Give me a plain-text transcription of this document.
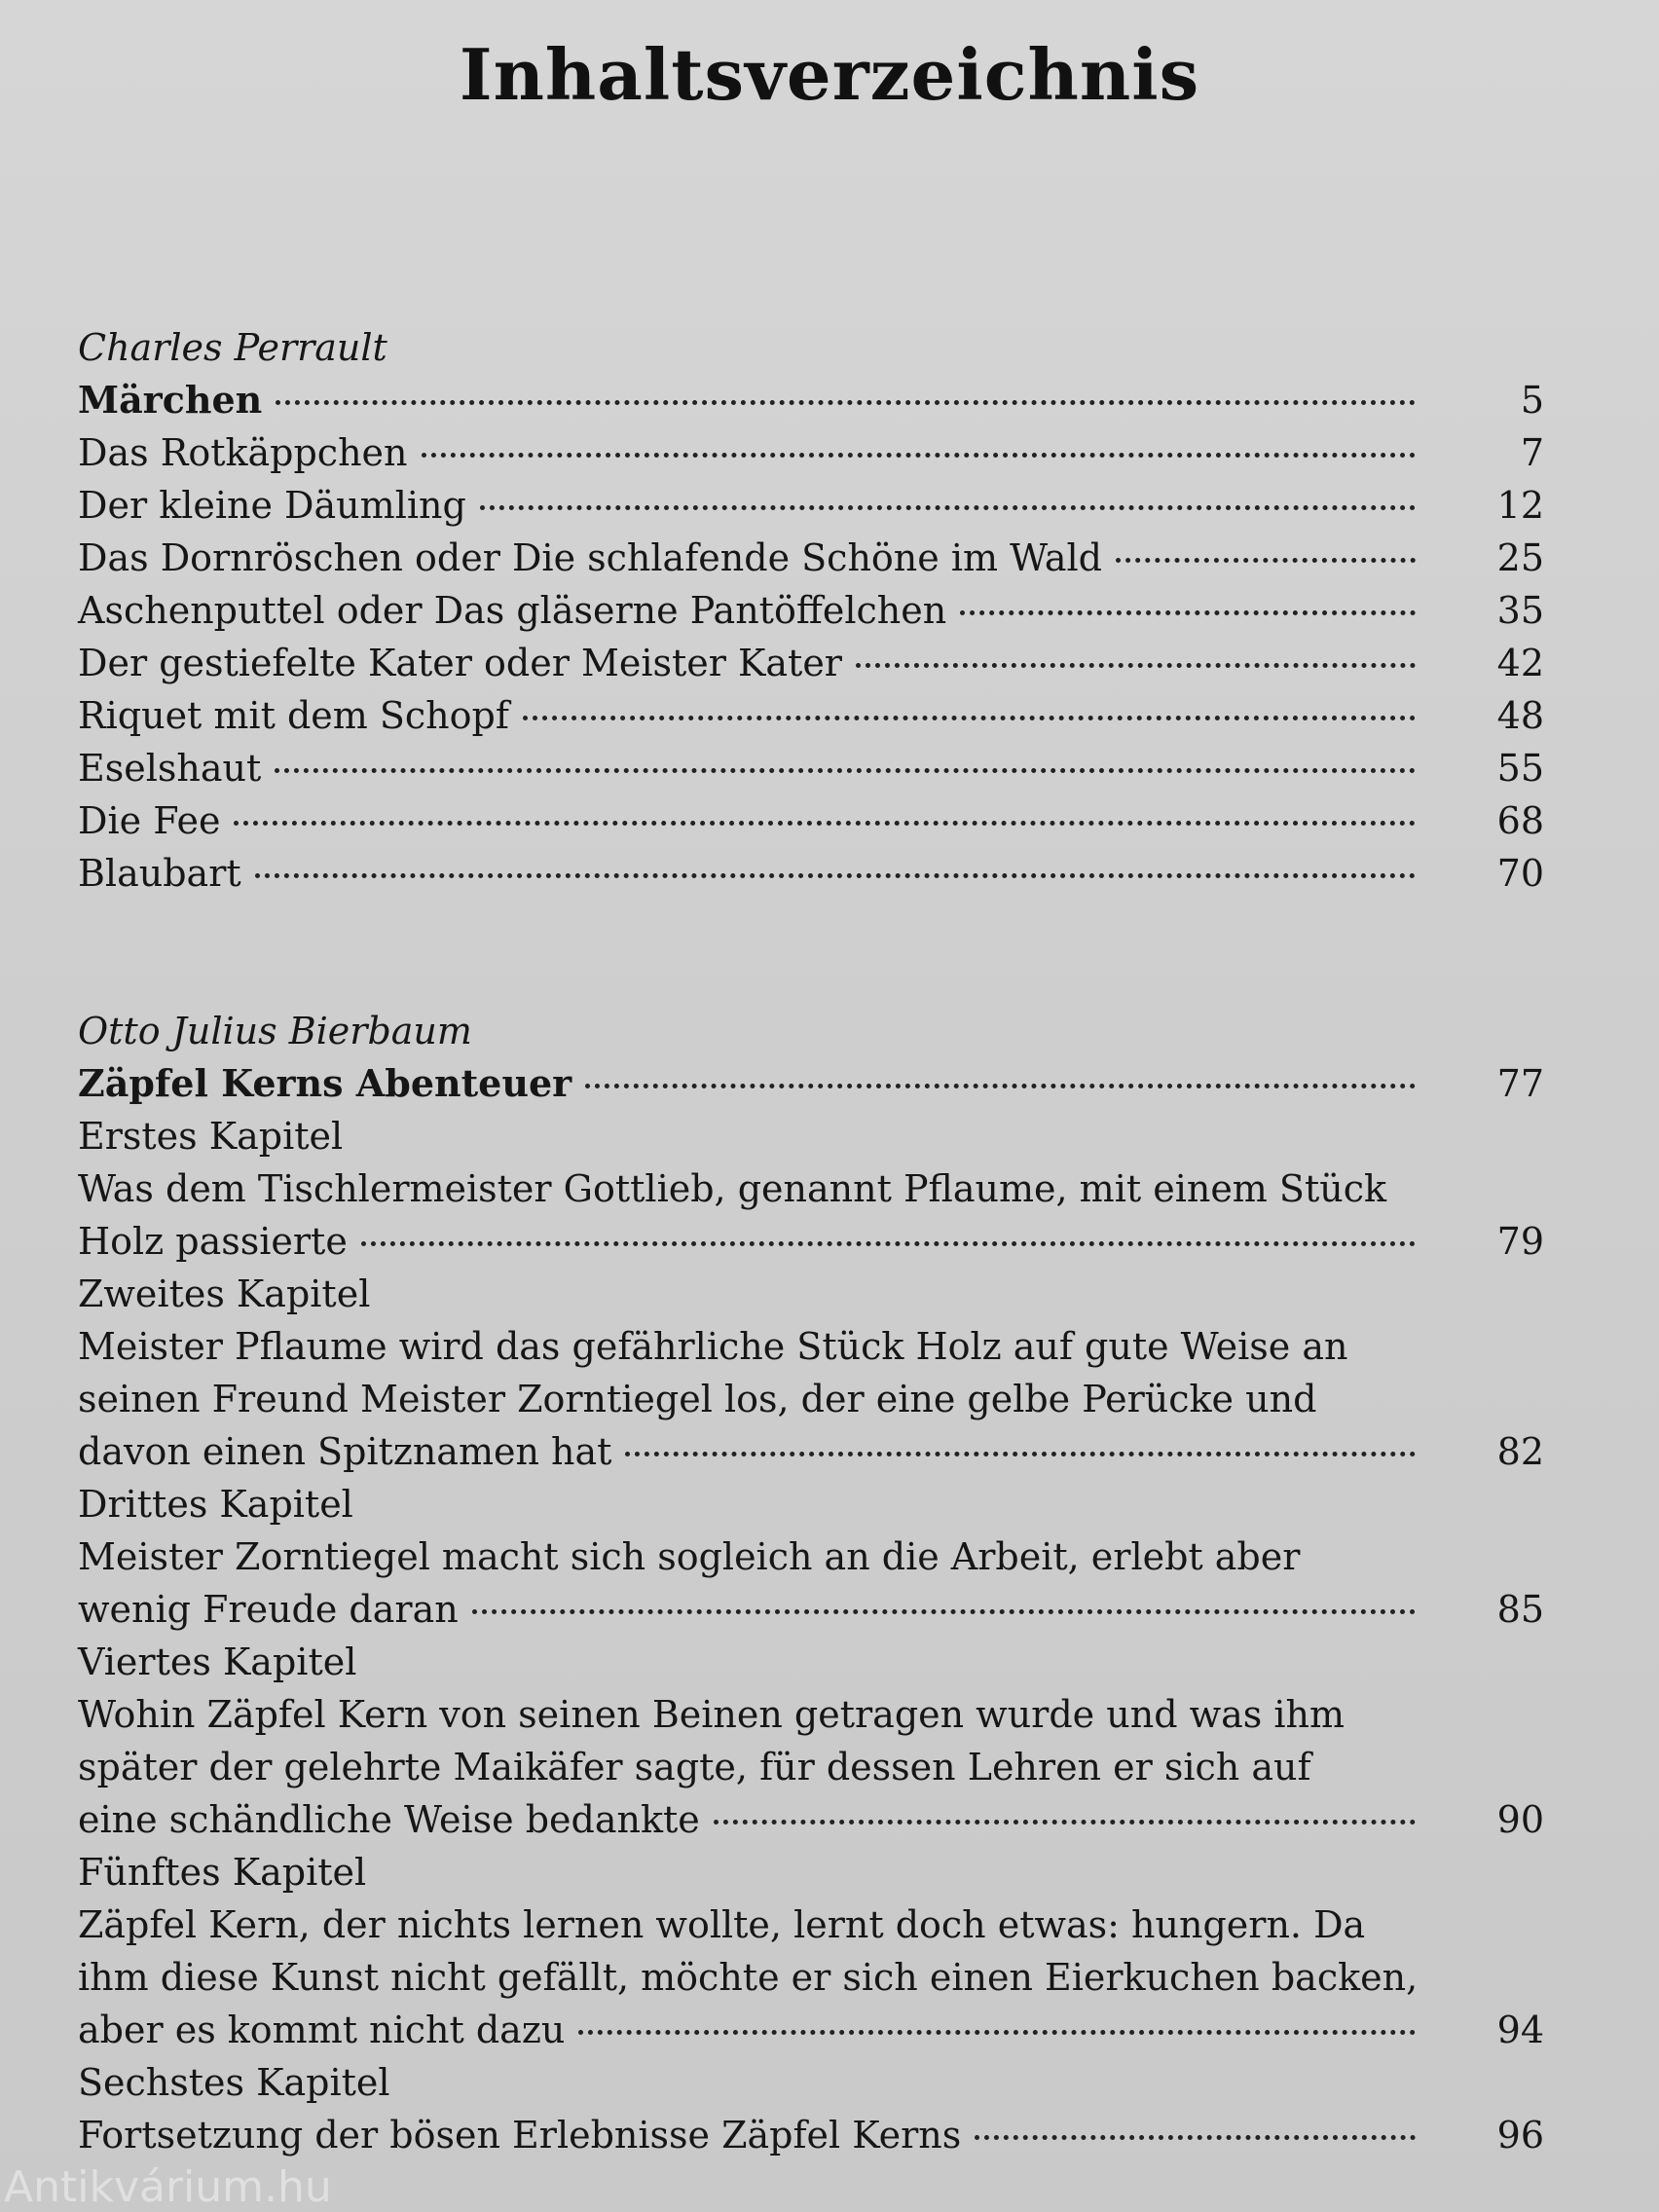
Inhaltsverzeichnis
Charles Perrault
Märchen	5
Das Rotkäppchen	7
Der kleine Däumling	12
Das Dornröschen oder Die schlafende Schöne im Wald	25
Aschenputtel oder Das gläserne Pantöffelchen	35
Der gestiefelte Kater oder Meister Kater	42
Riquet mit dem Schopf	48
Eselshaut	55
Die Fee	68
Blaubart	70
Otto Julius Bierbaum
Zäpfel Kerns Abenteuer	77
Erstes Kapitel
Was dem Tischlermeister Gottlieb, genannt Pflaume, mit einem Stück
Holz passierte	79
Zweites Kapitel
Meister Pflaume wird das gefährliche Stück Holz auf gute Weise an
seinen Freund Meister Zorntiegel los, der eine gelbe Perücke und
davon einen Spitznamen hat	82
Drittes Kapitel
Meister Zorntiegel macht sich sogleich an die Arbeit, erlebt aber
wenig Freude daran	85
Viertes Kapitel
Wohin Zäpfel Kern von seinen Beinen getragen wurde und was ihm
später der gelehrte Maikäfer sagte, für dessen Lehren er sich auf
eine schändliche Weise bedankte	90
Fünftes Kapitel
Zäpfel Kern, der nichts lernen wollte, lernt doch etwas: hungern. Da
ihm diese Kunst nicht gefällt, möchte er sich einen Eierkuchen backen,
aber es kommt nicht dazu	94
Sechstes Kapitel
Fortsetzung der bösen Erlebnisse Zäpfel Kerns	96
Antikvárium.hu
